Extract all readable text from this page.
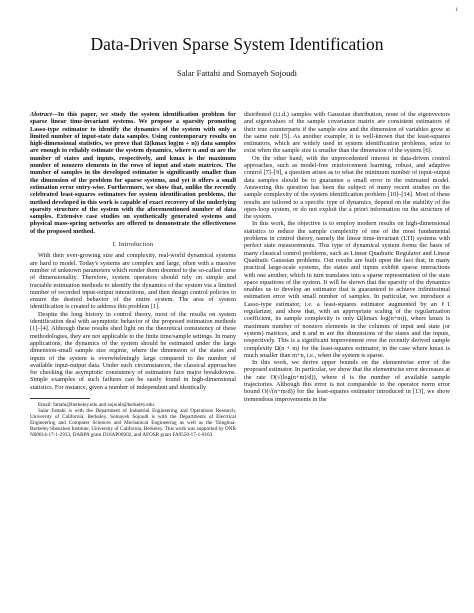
1
Data-Driven Sparse System Identification
Salar Fattahi and Somayeh Sojoudi

Abstract—In this paper, we study the system identification problem for sparse linear time-invariant systems. We propose a sparsity promoting Lasso-type estimator to identify the dynamics of the system with only a limited number of input-state data samples. Using contemporary results on high-dimensional statistics, we prove that Ω(kmax log(m + n)) data samples are enough to reliably estimate the system dynamics, where n and m are the number of states and inputs, respectively, and kmax is the maximum number of nonzero elements in the rows of input and state matrices. The number of samples in the developed estimator is significantly smaller than the dimension of the problem for sparse systems, and yet it offers a small estimation error entry-wise. Furthermore, we show that, unlike the recently celebrated least-squares estimators for system identification problems, the method developed in this work is capable of exact recovery of the underlying sparsity structure of the system with the aforementioned number of data samples. Extensive case studies on synthetically generated systems and physical mass-spring networks are offered to demonstrate the effectiveness of the proposed method.

I. Introduction

With their ever-growing size and complexity, real-world dynamical systems are hard to model. Today's systems are complex and large, often with a massive number of unknown parameters which render them doomed to the so-called curse of dimensionality. Therefore, system operators should rely on simple and tractable estimation methods to identify the dynamics of the system via a limited number of recorded input-output interactions, and then design control policies to ensure the desired behavior of the entire system. The area of system identification is created to address this problem [1].

Despite the long history in control theory, most of the results on system identification deal with asymptotic behavior of the proposed estimation methods [1]–[4]. Although these results shed light on the theoretical consistency of these methodologies, they are not applicable to the finite time/sample settings. In many applications, the dynamics of the system should be estimated under the large dimension-small sample size regime, where the dimension of the states and inputs of the system is overwhelmingly large compared to the number of available input-output data. Under such circumstances, the classical approaches for checking the asymptotic consistency of estimators face major breakdowns. Simple examples of such failures can be easily found in high-dimensional statistics. For instance, given a number of independent and identically

Email: fattahi@berkeley.edu and sojoudi@berkeley.edu.

Salar Fattahi is with the Department of Industrial Engineering and Operations Research, University of California, Berkeley. Somayeh Sojoudi is with the Departments of Electrical Engineering and Computer Sciences and Mechanical Engineering as well as the Tsinghua-Berkeley Shenzhen Institute, University of California, Berkeley. This work was supported by ONR N00014-17-1-2933, DARPA grant D16AP00002, and AFOSR grant FA9550-17-1-0163.

distributed (i.i.d.) samples with Gaussian distribution, none of the eigenvectors and eigenvalues of the sample covariance matrix are consistent estimators of their true counterparts if the sample size and the dimension of variables grow at the same rate [5]. As another example, it is well-known that the least-squares estimators, which are widely used in system identification problems, seize to exist when the sample size is smaller than the dimension of the system [6].

On the other hand, with the unprecedented interest in data-driven control approaches, such as model-free reinforcement learning, robust, and adaptive control [7]–[9], a question arises as to what the minimum number of input-output data samples should be to guarantee a small error in the estimated model. Answering this question has been the subject of many recent studies on the sample complexity of the system identification problem [10]–[14]. Most of these results are tailored to a specific type of dynamics, depend on the stability of the open-loop system, or do not exploit the a priori information on the structure of the system.

In this work, the objective is to employ modern results on high-dimensional statistics to reduce the sample complexity of one of the most fundamental problems in control theory, namely the linear time-invariant (LTI) systems with perfect state measurements. This type of dynamical system forms the basis of many classical control problems, such as Linear Quadratic Regulator and Linear Quadratic Gaussian problems. Our results are built upon the fact that, in many practical large-scale systems, the states and inputs exhibit sparse interactions with one another, which in turn translates into a sparse representation of the state space equations of the system. It will be shown that the sparsity of the dynamics enables us to develop an estimator that is guaranteed to achieve infinitesimal estimation error with small number of samples. In particular, we introduce a Lasso-type estimator, i.e. a least-squares estimator augmented by an ℓ1 regularizer, and show that, with an appropriate scaling of the regularization coefficient, its sample complexity is only Ω(kmax log(n+m)), where kmax is maximum number of nonzero elements in the columns of input and state (or system) matrices, and n and m are the dimensions of the states and the inputs, respectively. This is a significant improvement over the recently derived sample complexity Ω(n + m) for the least-squares estimator, in the case where kmax is much smaller than m+n, i.e., when the system is sparse.

In this work, we derive upper bounds on the elementwise error of the proposed estimator. In particular, we show that the elementwise error decreases at the rate O(√(log(n+m)/d)), where d is the number of available sample trajectories. Although this error is not comparable to the operator norm error bound O(√(n+m/d)) for the least-squares estimator introduced in [13], we show tremendous improvements in the
